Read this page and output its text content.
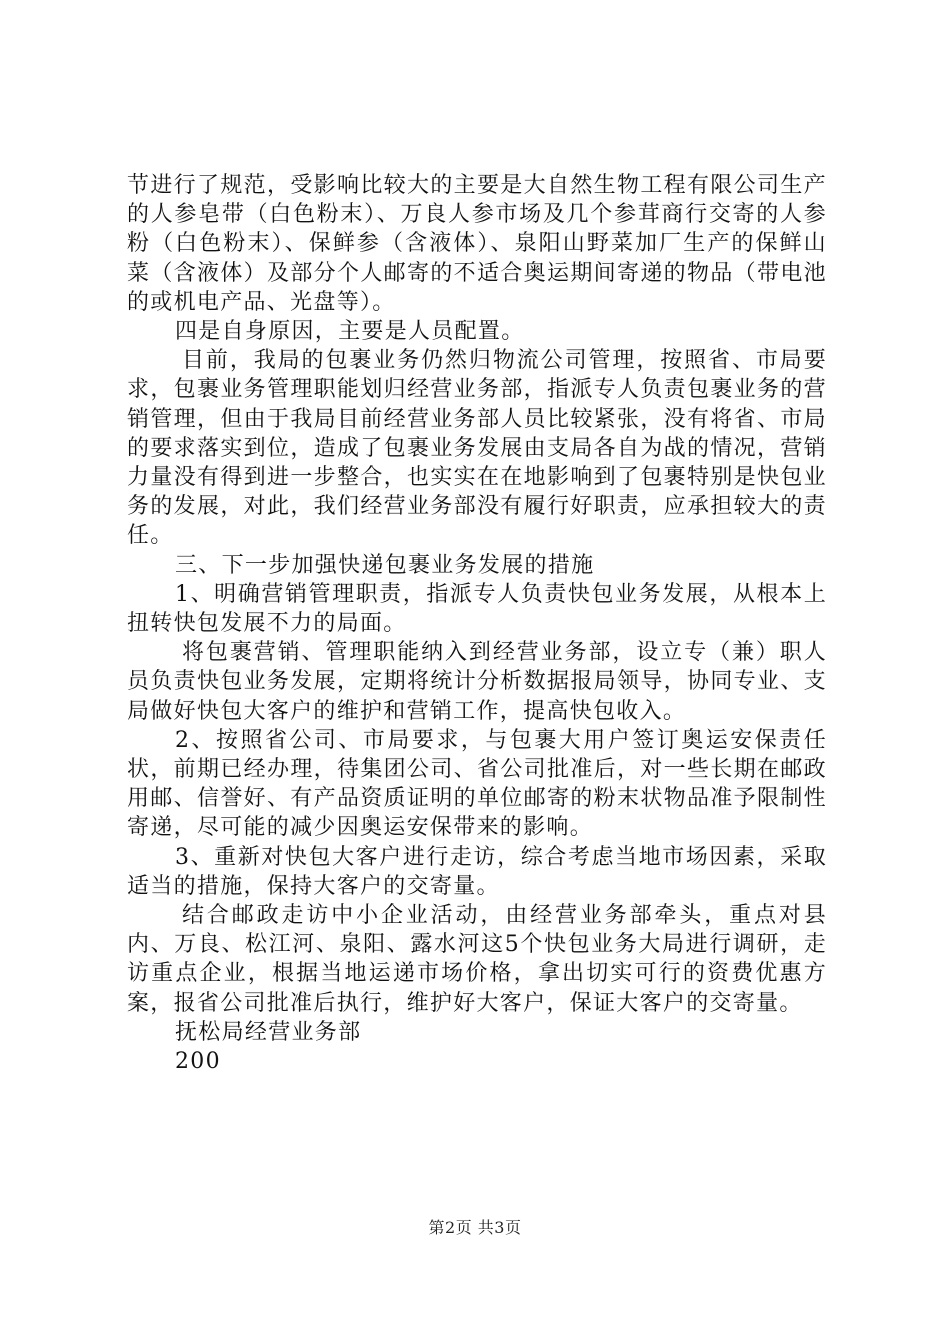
节进行了规范，受影响比较大的主要是大自然生物工程有限公司生产的人参皂带（白色粉末）、万良人参市场及几个参茸商行交寄的人参粉（白色粉末）、保鲜参（含液体）、泉阳山野菜加厂生产的保鲜山菜（含液体）及部分个人邮寄的不适合奥运期间寄递的物品（带电池的或机电产品、光盘等）。

四是自身原因，主要是人员配置。

目前，我局的包裹业务仍然归物流公司管理，按照省、市局要求，包裹业务管理职能划归经营业务部，指派专人负责包裹业务的营销管理，但由于我局目前经营业务部人员比较紧张，没有将省、市局的要求落实到位，造成了包裹业务发展由支局各自为战的情况，营销力量没有得到进一步整合，也实实在在地影响到了包裹特别是快包业务的发展，对此，我们经营业务部没有履行好职责，应承担较大的责任。

三、下一步加强快递包裹业务发展的措施

1、明确营销管理职责，指派专人负责快包业务发展，从根本上扭转快包发展不力的局面。

将包裹营销、管理职能纳入到经营业务部，设立专（兼）职人员负责快包业务发展，定期将统计分析数据报局领导，协同专业、支局做好快包大客户的维护和营销工作，提高快包收入。

2、按照省公司、市局要求，与包裹大用户签订奥运安保责任状，前期已经办理，待集团公司、省公司批准后，对一些长期在邮政用邮、信誉好、有产品资质证明的单位邮寄的粉末状物品准予限制性寄递，尽可能的减少因奥运安保带来的影响。

3、重新对快包大客户进行走访，综合考虑当地市场因素，采取适当的措施，保持大客户的交寄量。

结合邮政走访中小企业活动，由经营业务部牵头，重点对县内、万良、松江河、泉阳、露水河这5个快包业务大局进行调研，走访重点企业，根据当地运递市场价格，拿出切实可行的资费优惠方案，报省公司批准后执行，维护好大客户，保证大客户的交寄量。

抚松局经营业务部

200

第2页 共3页
